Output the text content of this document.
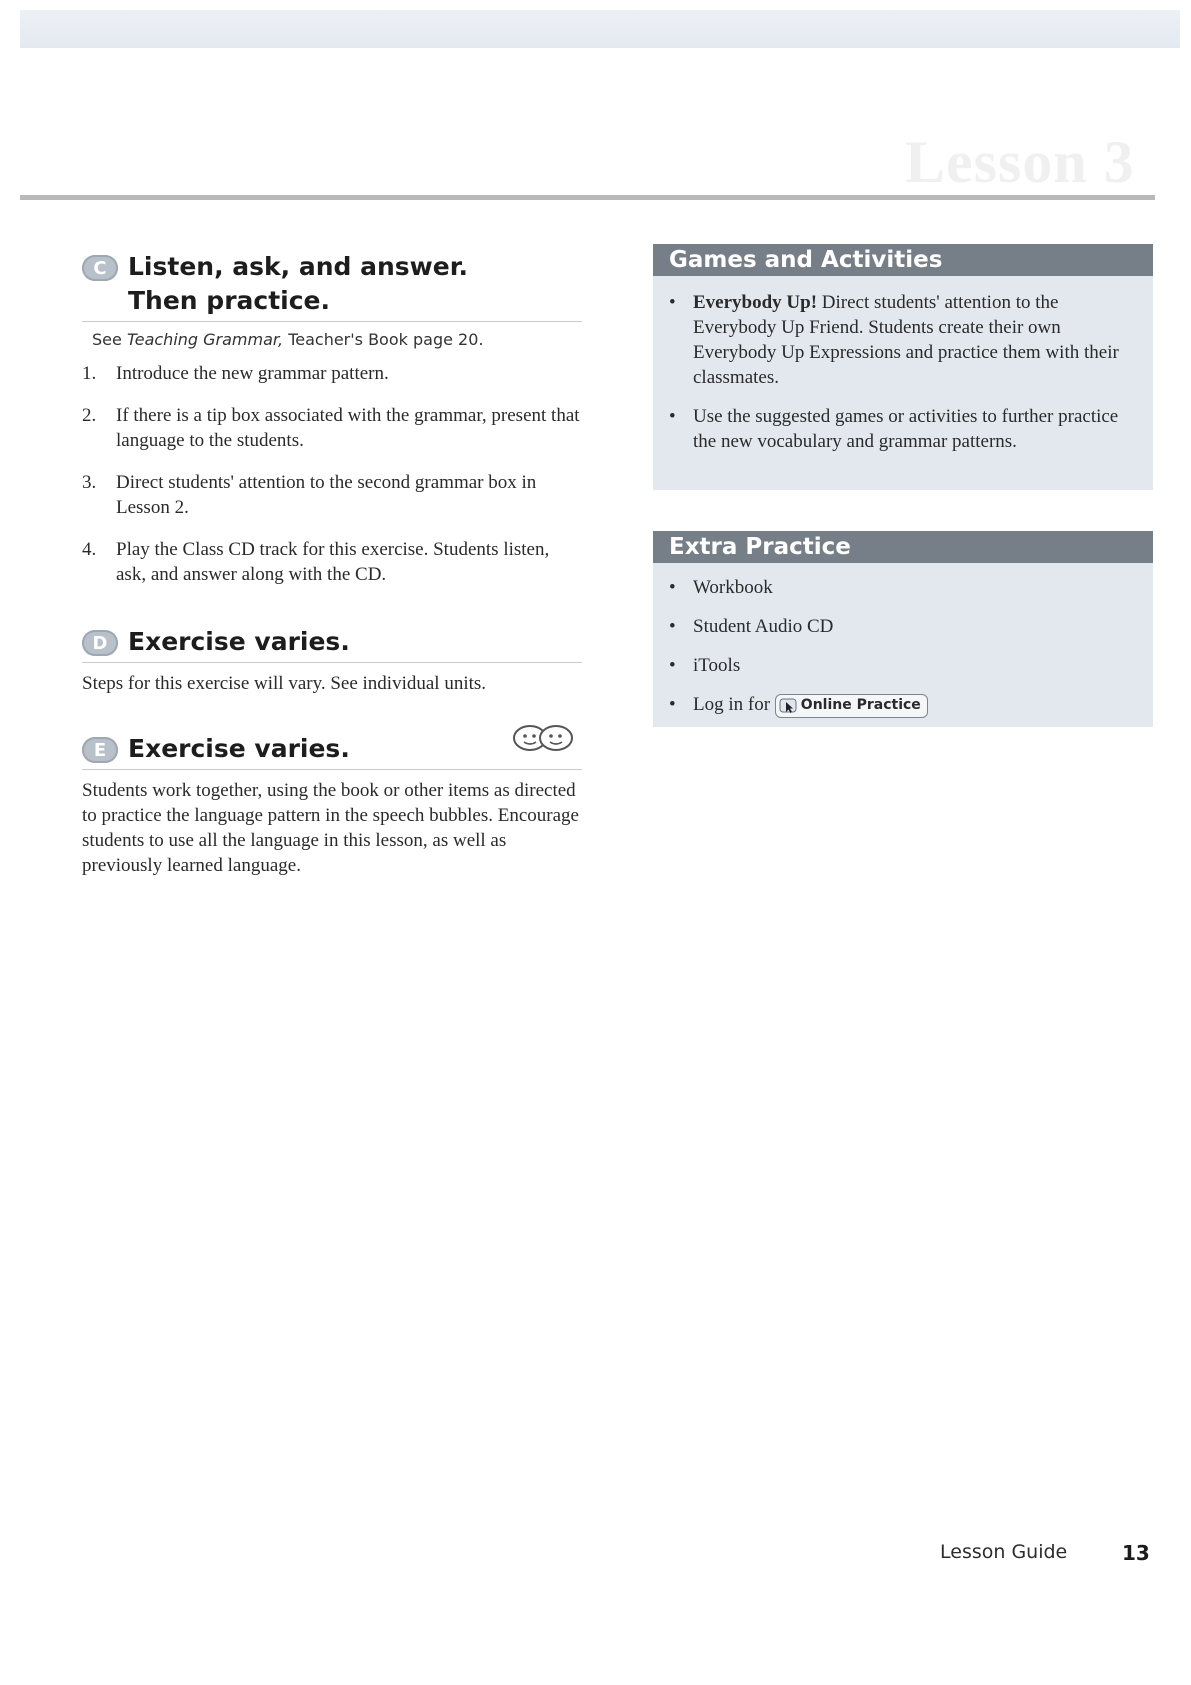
Lesson 3
C Listen, ask, and answer.
Then practice.
See Teaching Grammar, Teacher's Book page 20.
1.	Introduce the new grammar pattern.
2.	If there is a tip box associated with the grammar, present that language to the students.
3.	Direct students' attention to the second grammar box in Lesson 2.
4.	Play the Class CD track for this exercise. Students listen, ask, and answer along with the CD.
D Exercise varies.
Steps for this exercise will vary. See individual units.
E Exercise varies.
Students work together, using the book or other items as directed to practice the language pattern in the speech bubbles. Encourage students to use all the language in this lesson, as well as previously learned language.
Games and Activities
• Everybody Up! Direct students' attention to the Everybody Up Friend. Students create their own Everybody Up Expressions and practice them with their classmates.
• Use the suggested games or activities to further practice the new vocabulary and grammar patterns.
Extra Practice
• Workbook
• Student Audio CD
• iTools
• Log in for Online Practice
Lesson Guide	13
